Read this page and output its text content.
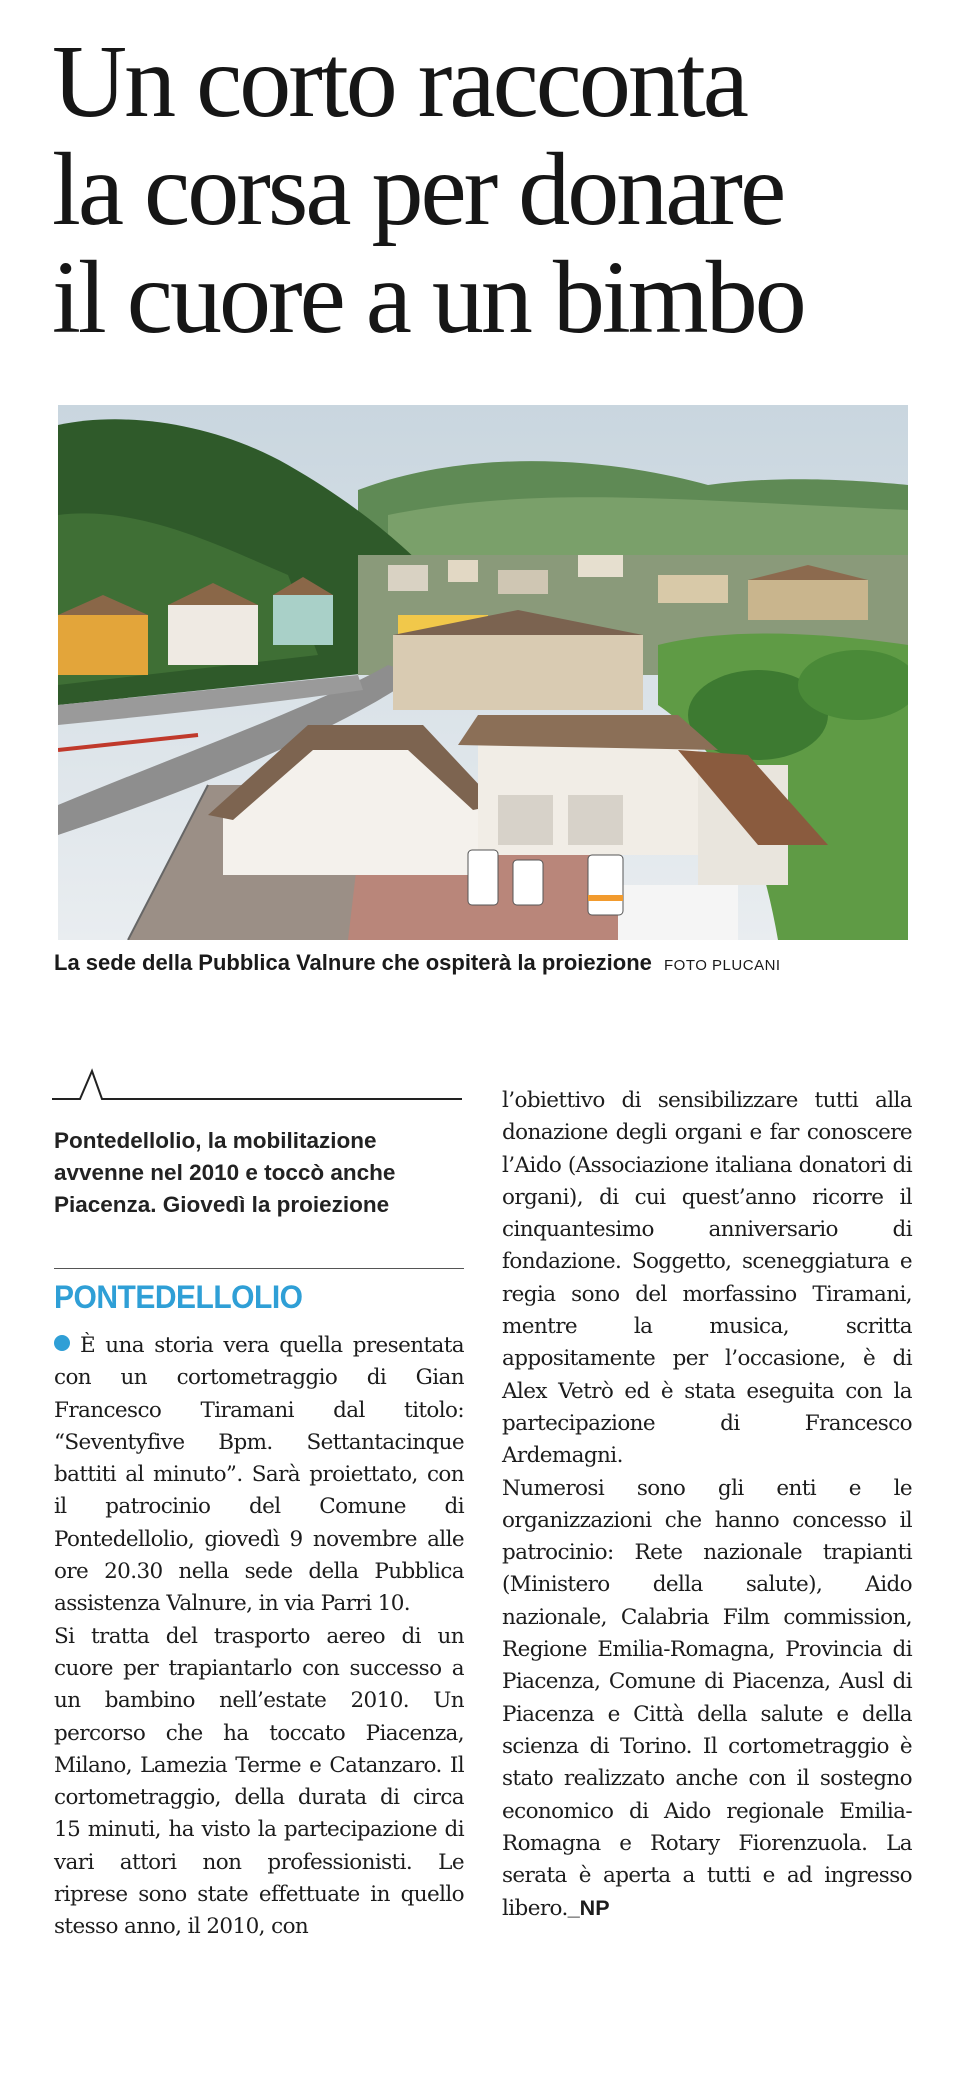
Un corto racconta
la corsa per donare
il cuore a un bimbo
La sede della Pubblica Valnure che ospiterà la proiezione FOTO PLUCANI
Pontedellolio, la mobilitazione avvenne nel 2010 e toccò anche Piacenza. Giovedì la proiezione
PONTEDELLOLIO

È una storia vera quella presentata con un cortometraggio di Gian Francesco Tiramani dal titolo: “Seventyfive Bpm. Settantacinque battiti al minuto”. Sarà proiettato, con il patrocinio del Comune di Pontedellolio, giovedì 9 novembre alle ore 20.30 nella sede della Pubblica assistenza Valnure, in via Parri 10.

Si tratta del trasporto aereo di un cuore per trapiantarlo con successo a un bambino nell’estate 2010. Un percorso che ha toccato Piacenza, Milano, Lamezia Terme e Catanzaro. Il cortometraggio, della durata di circa 15 minuti, ha visto la partecipazione di vari attori non professionisti. Le riprese sono state effettuate in quello stesso anno, il 2010, con

l’obiettivo di sensibilizzare tutti alla donazione degli organi e far conoscere l’Aido (Associazione italiana donatori di organi), di cui quest’anno ricorre il cinquantesimo anniversario di fondazione. Soggetto, sceneggiatura e regia sono del morfassino Tiramani, mentre la musica, scritta appositamente per l’occasione, è di Alex Vetrò ed è stata eseguita con la partecipazione di Francesco Ardemagni.

Numerosi sono gli enti e le organizzazioni che hanno concesso il patrocinio: Rete nazionale trapianti (Ministero della salute), Aido nazionale, Calabria Film commission, Regione Emilia-Romagna, Provincia di Piacenza, Comune di Piacenza, Ausl di Piacenza e Città della salute e della scienza di Torino. Il cortometraggio è stato realizzato anche con il sostegno economico di Aido regionale Emilia-Romagna e Rotary Fiorenzuola. La serata è aperta a tutti e ad ingresso libero._NP
